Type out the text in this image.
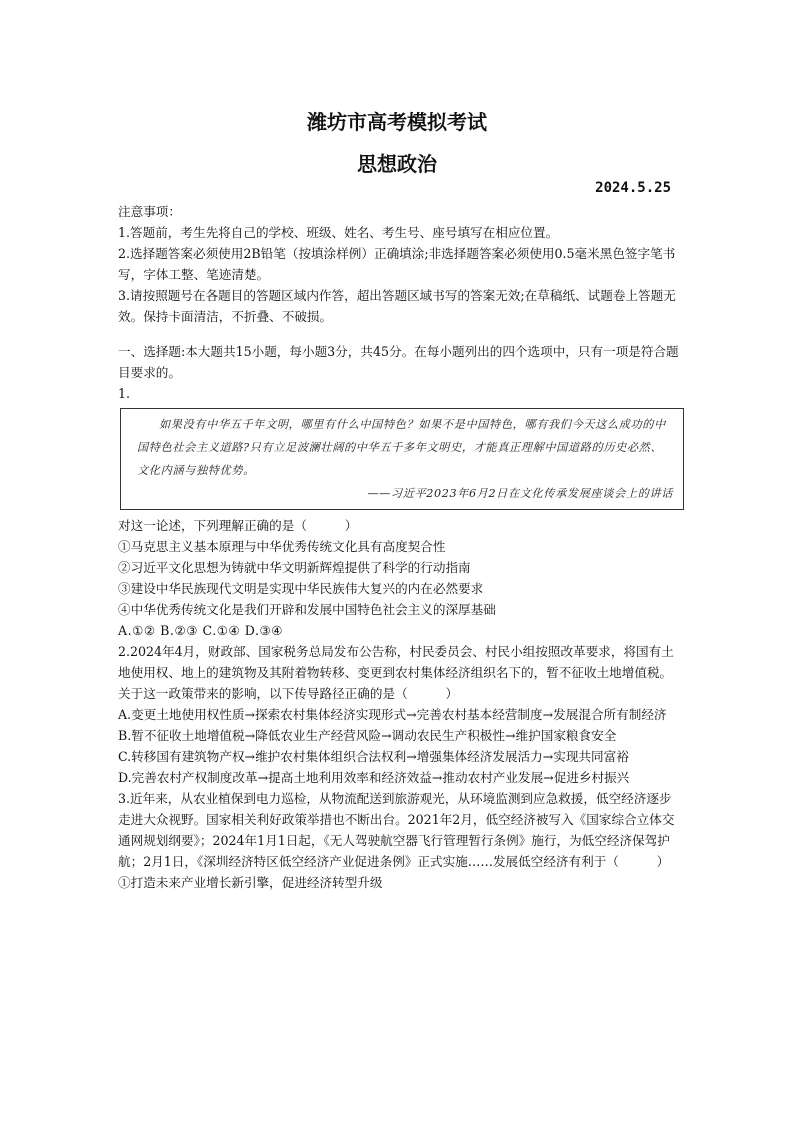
潍坊市高考模拟考试
思想政治
2024.5.25

注意事项：

1.答题前，考生先将自己的学校、班级、姓名、考生号、座号填写在相应位置。

2.选择题答案必须使用2B铅笔（按填涂样例）正确填涂;非选择题答案必须使用0.5毫米黑色签字笔书写，字体工整、笔迹清楚。

3.请按照题号在各题目的答题区域内作答，超出答题区域书写的答案无效;在草稿纸、试题卷上答题无效。保持卡面清洁，不折叠、不破损。

一、选择题:本大题共15小题，每小题3分，共45分。在每小题列出的四个选项中，只有一项是符合题目要求的。

1.

如果没有中华五千年文明，哪里有什么中国特色？如果不是中国特色，哪有我们今天这么成功的中国特色社会主义道路?只有立足波澜壮阔的中华五千多年文明史，才能真正理解中国道路的历史必然、文化内涵与独特优势。
——习近平2023年6月2日在文化传承发展座谈会上的讲话

对这一论述，下列理解正确的是（　　　）

①马克思主义基本原理与中华优秀传统文化具有高度契合性

②习近平文化思想为铸就中华文明新辉煌提供了科学的行动指南

③建设中华民族现代文明是实现中华民族伟大复兴的内在必然要求

④中华优秀传统文化是我们开辟和发展中国特色社会主义的深厚基础

A.①② B.②③ C.①④ D.③④

2.2024年4月，财政部、国家税务总局发布公告称，村民委员会、村民小组按照改革要求，将国有土地使用权、地上的建筑物及其附着物转移、变更到农村集体经济组织名下的，暂不征收土地增值税。关于这一政策带来的影响，以下传导路径正确的是（　　　）

A.变更土地使用权性质→探索农村集体经济实现形式→完善农村基本经营制度→发展混合所有制经济

B.暂不征收土地增值税→降低农业生产经营风险→调动农民生产积极性→维护国家粮食安全

C.转移国有建筑物产权→维护农村集体组织合法权利→增强集体经济发展活力→实现共同富裕

D.完善农村产权制度改革→提高土地利用效率和经济效益→推动农村产业发展→促进乡村振兴

3.近年来，从农业植保到电力巡检，从物流配送到旅游观光，从环境监测到应急救援，低空经济逐步走进大众视野。国家相关利好政策举措也不断出台。2021年2月，低空经济被写入《国家综合立体交通网规划纲要》；2024年1月1日起，《无人驾驶航空器飞行管理暂行条例》施行，为低空经济保驾护航；2月1日，《深圳经济特区低空经济产业促进条例》正式实施……发展低空经济有利于（　　　）

①打造未来产业增长新引擎，促进经济转型升级
